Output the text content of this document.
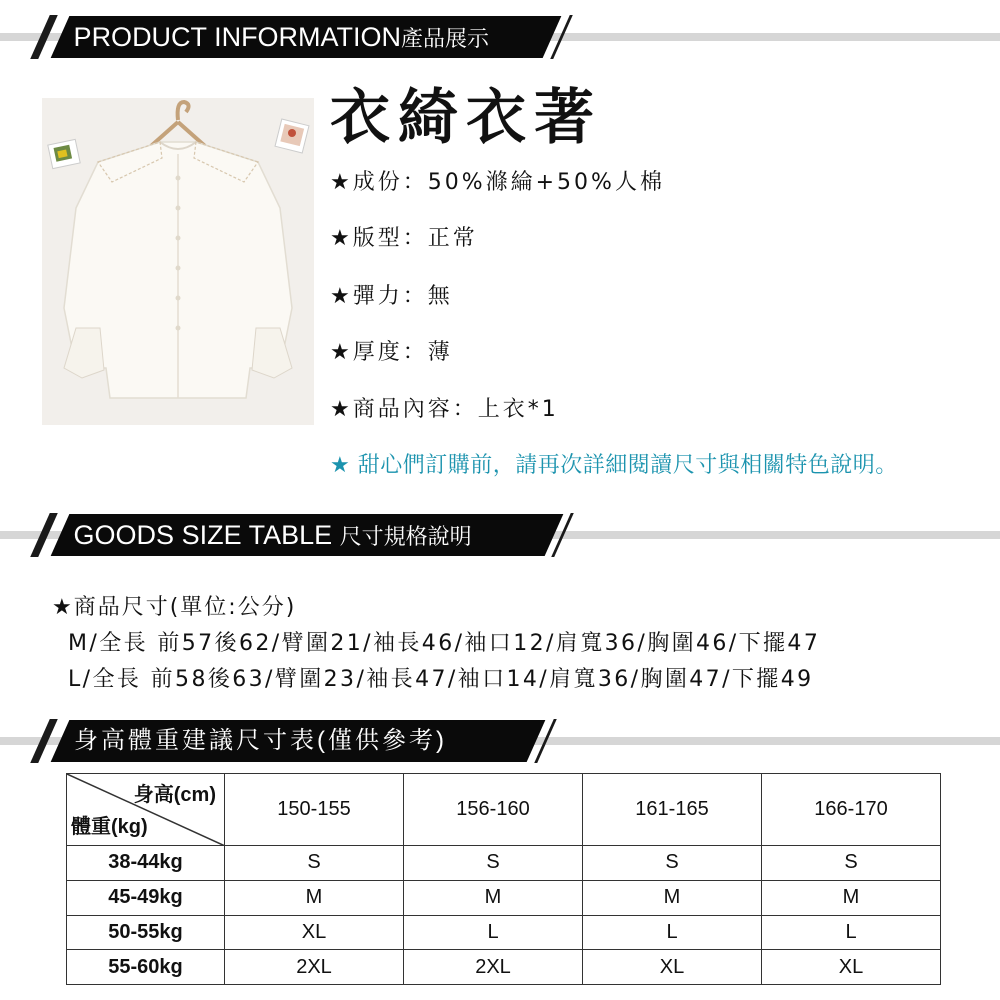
PRODUCT INFORMATION產品展示
衣綺衣著
★成份：50%滌綸+50%人棉
★版型：正常
★彈力：無
★厚度：薄
★商品內容：上衣*1
★ 甜心們訂購前，請再次詳細閱讀尺寸與相關特色說明。
GOODS SIZE TABLE 尺寸規格說明
★商品尺寸(單位:公分)
M/全長 前57後62/臂圍21/袖長46/袖口12/肩寬36/胸圍46/下擺47
L/全長 前58後63/臂圍23/袖長47/袖口14/肩寬36/胸圍47/下擺49
身高體重建議尺寸表(僅供參考)
身高(cm)
體重(kg)	150-155	156-160	161-165	166-170
38-44kg	S	S	S	S
45-49kg	M	M	M	M
50-55kg	XL	L	L	L
55-60kg	2XL	2XL	XL	XL
